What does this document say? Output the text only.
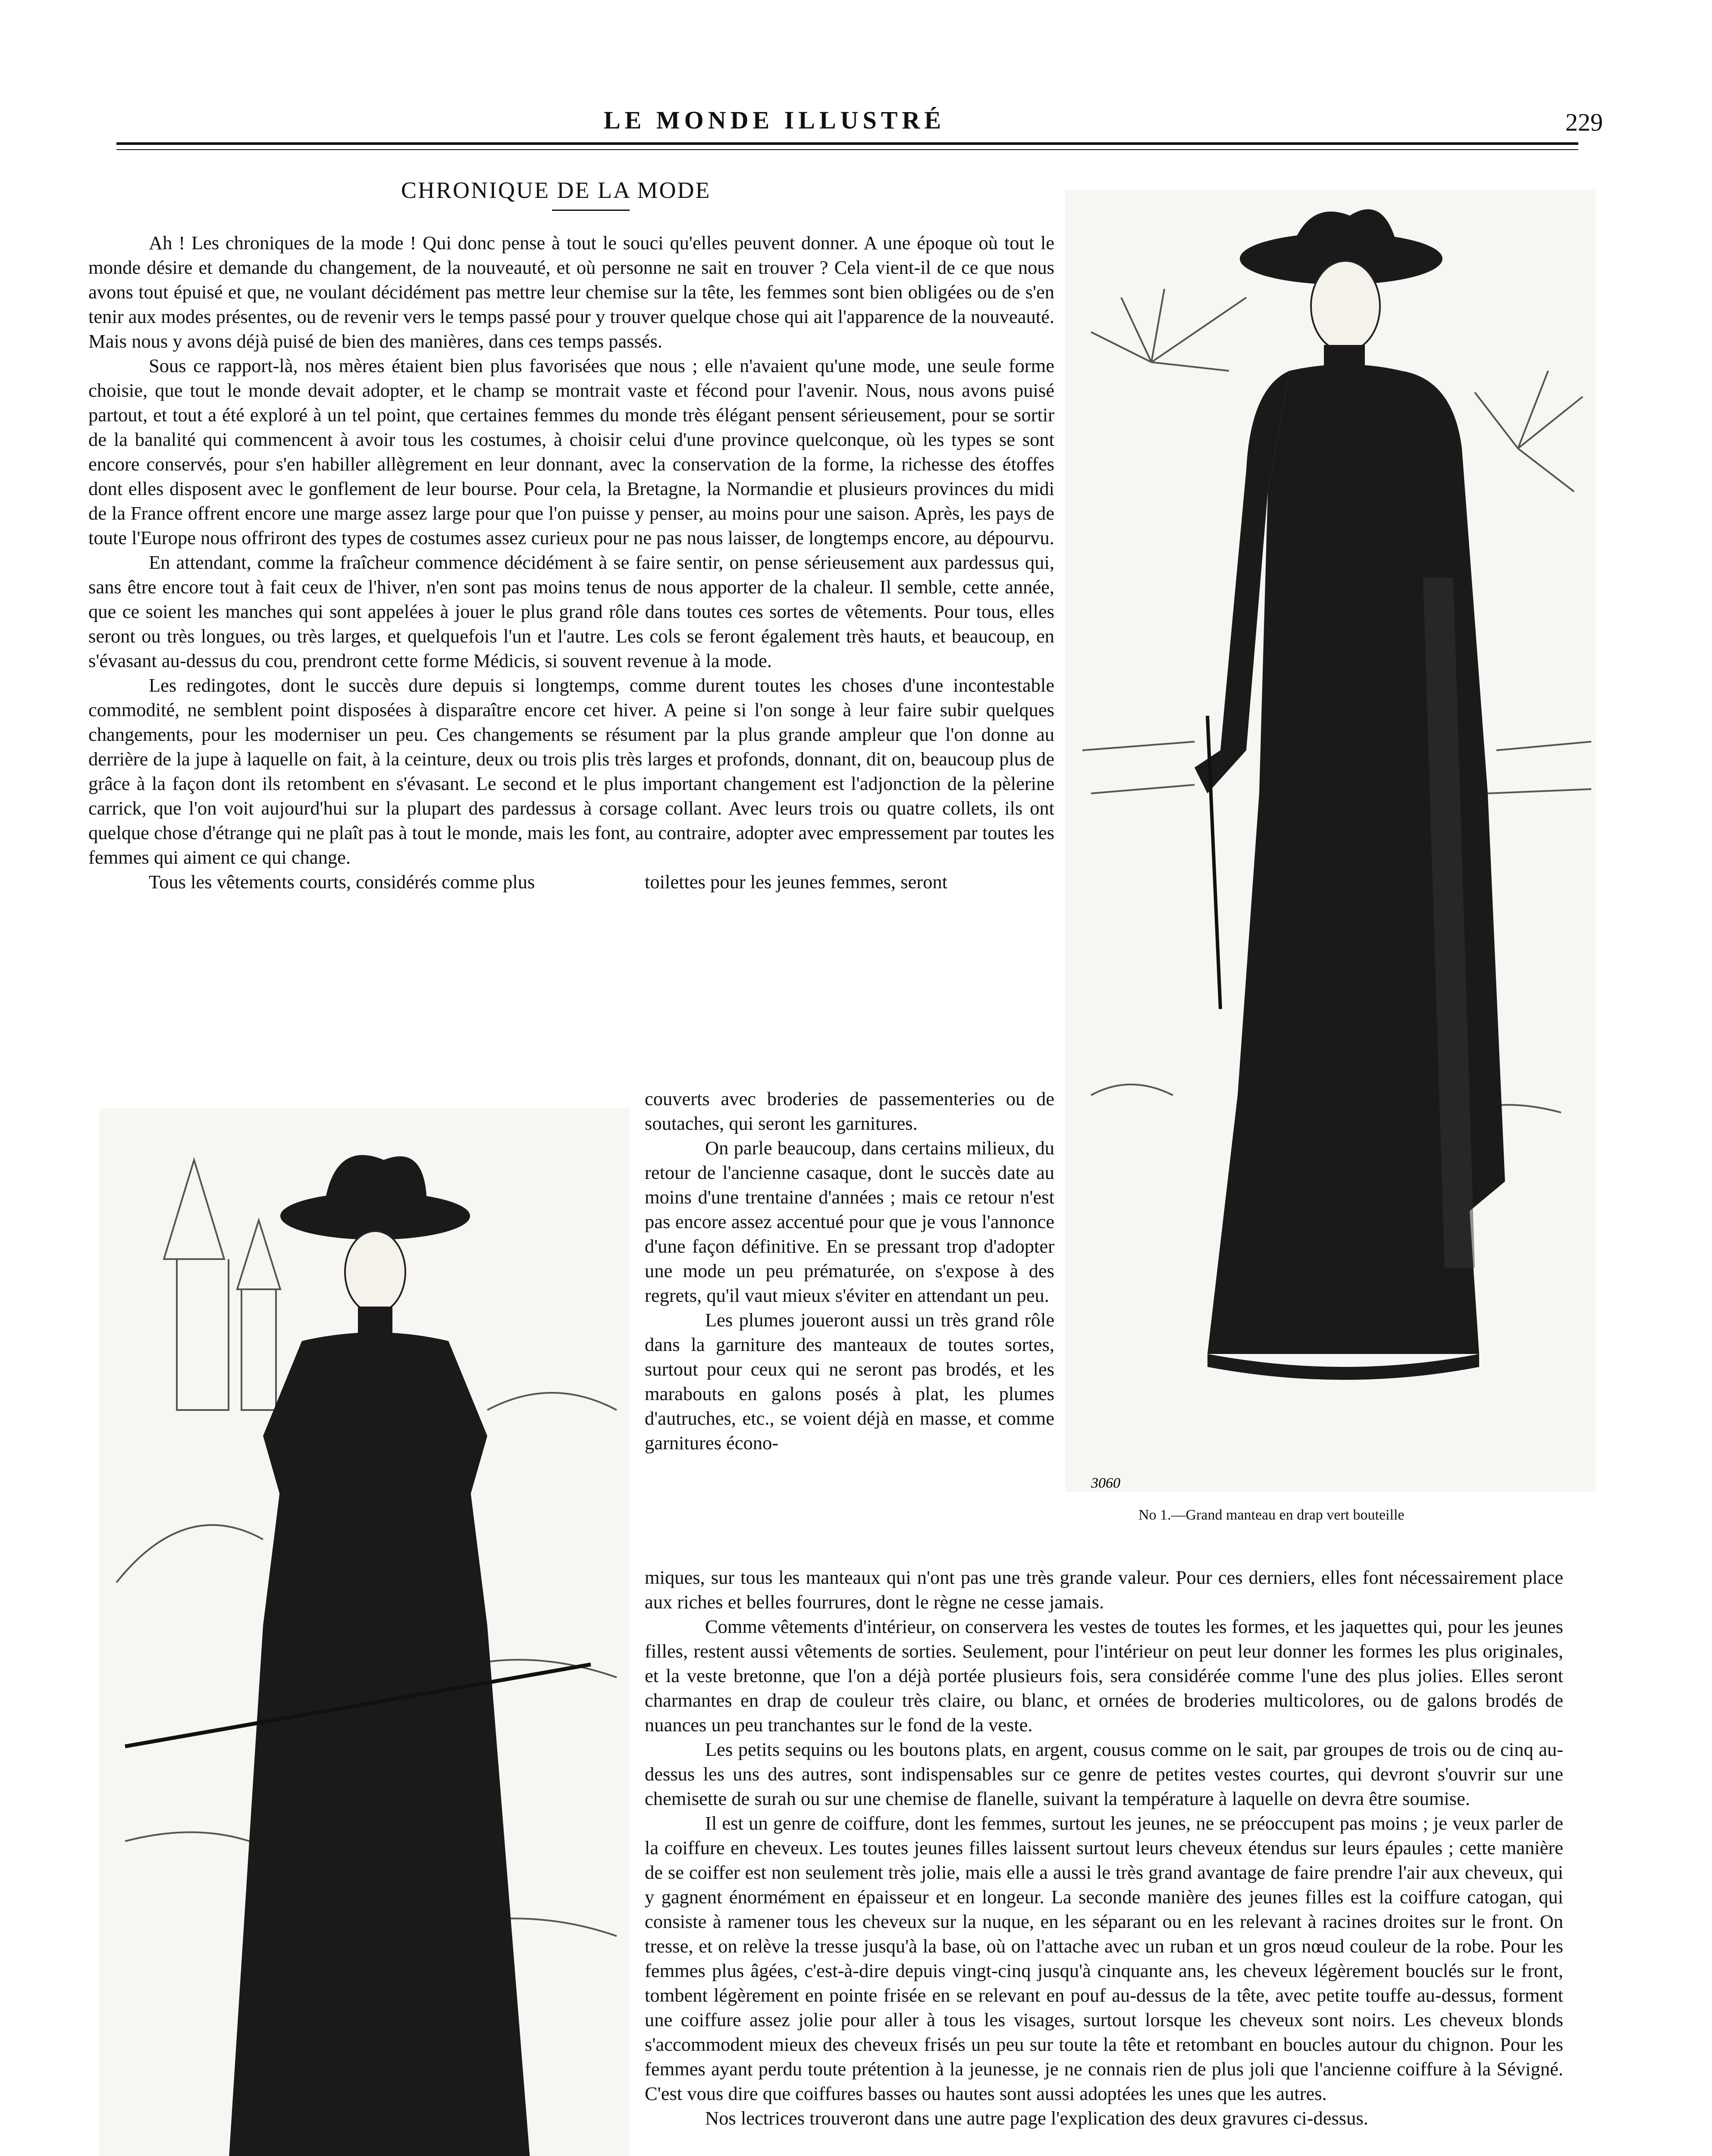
LE MONDE ILLUSTRÉ	229
CHRONIQUE DE LA MODE

Ah ! Les chroniques de la mode ! Qui donc pense à tout le souci qu'elles peuvent donner. A une époque où tout le monde désire et demande du changement, de la nouveauté, et où personne ne sait en trouver ? Cela vient-il de ce que nous avons tout épuisé et que, ne voulant décidément pas mettre leur chemise sur la tête, les femmes sont bien obligées ou de s'en tenir aux modes présentes, ou de revenir vers le temps passé pour y trouver quelque chose qui ait l'apparence de la nouveauté. Mais nous y avons déjà puisé de bien des manières, dans ces temps passés.

Sous ce rapport-là, nos mères étaient bien plus favorisées que nous ; elle n'avaient qu'une mode, une seule forme choisie, que tout le monde devait adopter, et le champ se montrait vaste et fécond pour l'avenir. Nous, nous avons puisé partout, et tout a été exploré à un tel point, que certaines femmes du monde très élégant pensent sérieusement, pour se sortir de la banalité qui commencent à avoir tous les costumes, à choisir celui d'une province quelconque, où les types se sont encore conservés, pour s'en habiller allègrement en leur donnant, avec la conservation de la forme, la richesse des étoffes dont elles disposent avec le gonflement de leur bourse. Pour cela, la Bretagne, la Normandie et plusieurs provinces du midi de la France offrent encore une marge assez large pour que l'on puisse y penser, au moins pour une saison. Après, les pays de toute l'Europe nous offriront des types de costumes assez curieux pour ne pas nous laisser, de longtemps encore, au dépourvu.

En attendant, comme la fraîcheur commence décidément à se faire sentir, on pense sérieusement aux pardessus qui, sans être encore tout à fait ceux de l'hiver, n'en sont pas moins tenus de nous apporter de la chaleur. Il semble, cette année, que ce soient les manches qui sont appelées à jouer le plus grand rôle dans toutes ces sortes de vêtements. Pour tous, elles seront ou très longues, ou très larges, et quelquefois l'un et l'autre. Les cols se feront également très hauts, et beaucoup, en s'évasant au-dessus du cou, prendront cette forme Médicis, si souvent revenue à la mode.

Les redingotes, dont le succès dure depuis si longtemps, comme durent toutes les choses d'une incontestable commodité, ne semblent point disposées à disparaître encore cet hiver. A peine si l'on songe à leur faire subir quelques changements, pour les moderniser un peu. Ces changements se résument par la plus grande ampleur que l'on donne au derrière de la jupe à laquelle on fait, à la ceinture, deux ou trois plis très larges et profonds, donnant, dit on, beaucoup plus de grâce à la façon dont ils retombent en s'évasant. Le second et le plus important changement est l'adjonction de la pèlerine carrick, que l'on voit aujourd'hui sur la plupart des pardessus à corsage collant. Avec leurs trois ou quatre collets, ils ont quelque chose d'étrange qui ne plaît pas à tout le monde, mais les font, au contraire, adopter avec empressement par toutes les femmes qui aiment ce qui change.

Tous les vêtements courts, considérés comme plus	toilettes pour les jeunes femmes, seront
3060
No 1.—Grand manteau en drap vert bouteille

couverts avec broderies de passementeries ou de soutaches, qui seront les garnitures.

On parle beaucoup, dans certains milieux, du retour de l'ancienne casaque, dont le succès date au moins d'une trentaine d'années ; mais ce retour n'est pas encore assez accentué pour que je vous l'annonce d'une façon définitive. En se pressant trop d'adopter une mode un peu prématurée, on s'expose à des regrets, qu'il vaut mieux s'éviter en attendant un peu.

Les plumes joueront aussi un très grand rôle dans la garniture des manteaux de toutes sortes, surtout pour ceux qui ne seront pas brodés, et les marabouts en galons posés à plat, les plumes d'autruches, etc., se voient déjà en masse, et comme garnitures écono-

miques, sur tous les manteaux qui n'ont pas une très grande valeur. Pour ces derniers, elles font nécessairement place aux riches et belles fourrures, dont le règne ne cesse jamais.

Comme vêtements d'intérieur, on conservera les vestes de toutes les formes, et les jaquettes qui, pour les jeunes filles, restent aussi vêtements de sorties. Seulement, pour l'intérieur on peut leur donner les formes les plus originales, et la veste bretonne, que l'on a déjà portée plusieurs fois, sera considérée comme l'une des plus jolies. Elles seront charmantes en drap de couleur très claire, ou blanc, et ornées de broderies multicolores, ou de galons brodés de nuances un peu tranchantes sur le fond de la veste.

Les petits sequins ou les boutons plats, en argent, cousus comme on le sait, par groupes de trois ou de cinq au-dessus les uns des autres, sont indispensables sur ce genre de petites vestes courtes, qui devront s'ouvrir sur une chemisette de surah ou sur une chemise de flanelle, suivant la température à laquelle on devra être soumise.

Il est un genre de coiffure, dont les femmes, surtout les jeunes, ne se préoccupent pas moins ; je veux parler de la coiffure en cheveux. Les toutes jeunes filles laissent surtout leurs cheveux étendus sur leurs épaules ; cette manière de se coiffer est non seulement très jolie, mais elle a aussi le très grand avantage de faire prendre l'air aux cheveux, qui y gagnent énormément en épaisseur et en longeur. La seconde manière des jeunes filles est la coiffure catogan, qui consiste à ramener tous les cheveux sur la nuque, en les séparant ou en les relevant à racines droites sur le front. On tresse, et on relève la tresse jusqu'à la base, où on l'attache avec un ruban et un gros nœud couleur de la robe. Pour les femmes plus âgées, c'est-à-dire depuis vingt-cinq jusqu'à cinquante ans, les cheveux légèrement bouclés sur le front, tombent légèrement en pointe frisée en se relevant en pouf au-dessus de la tête, avec petite touffe au-dessus, forment une coiffure assez jolie pour aller à tous les visages, surtout lorsque les cheveux sont noirs. Les cheveux blonds s'accommodent mieux des cheveux frisés un peu sur toute la tête et retombant en boucles autour du chignon. Pour les femmes ayant perdu toute prétention à la jeunesse, je ne connais rien de plus joli que l'ancienne coiffure à la Sévigné. C'est vous dire que coiffures basses ou hautes sont aussi adoptées les unes que les autres.

Nos lectrices trouveront dans une autre page l'explication des deux gravures ci-dessus.
